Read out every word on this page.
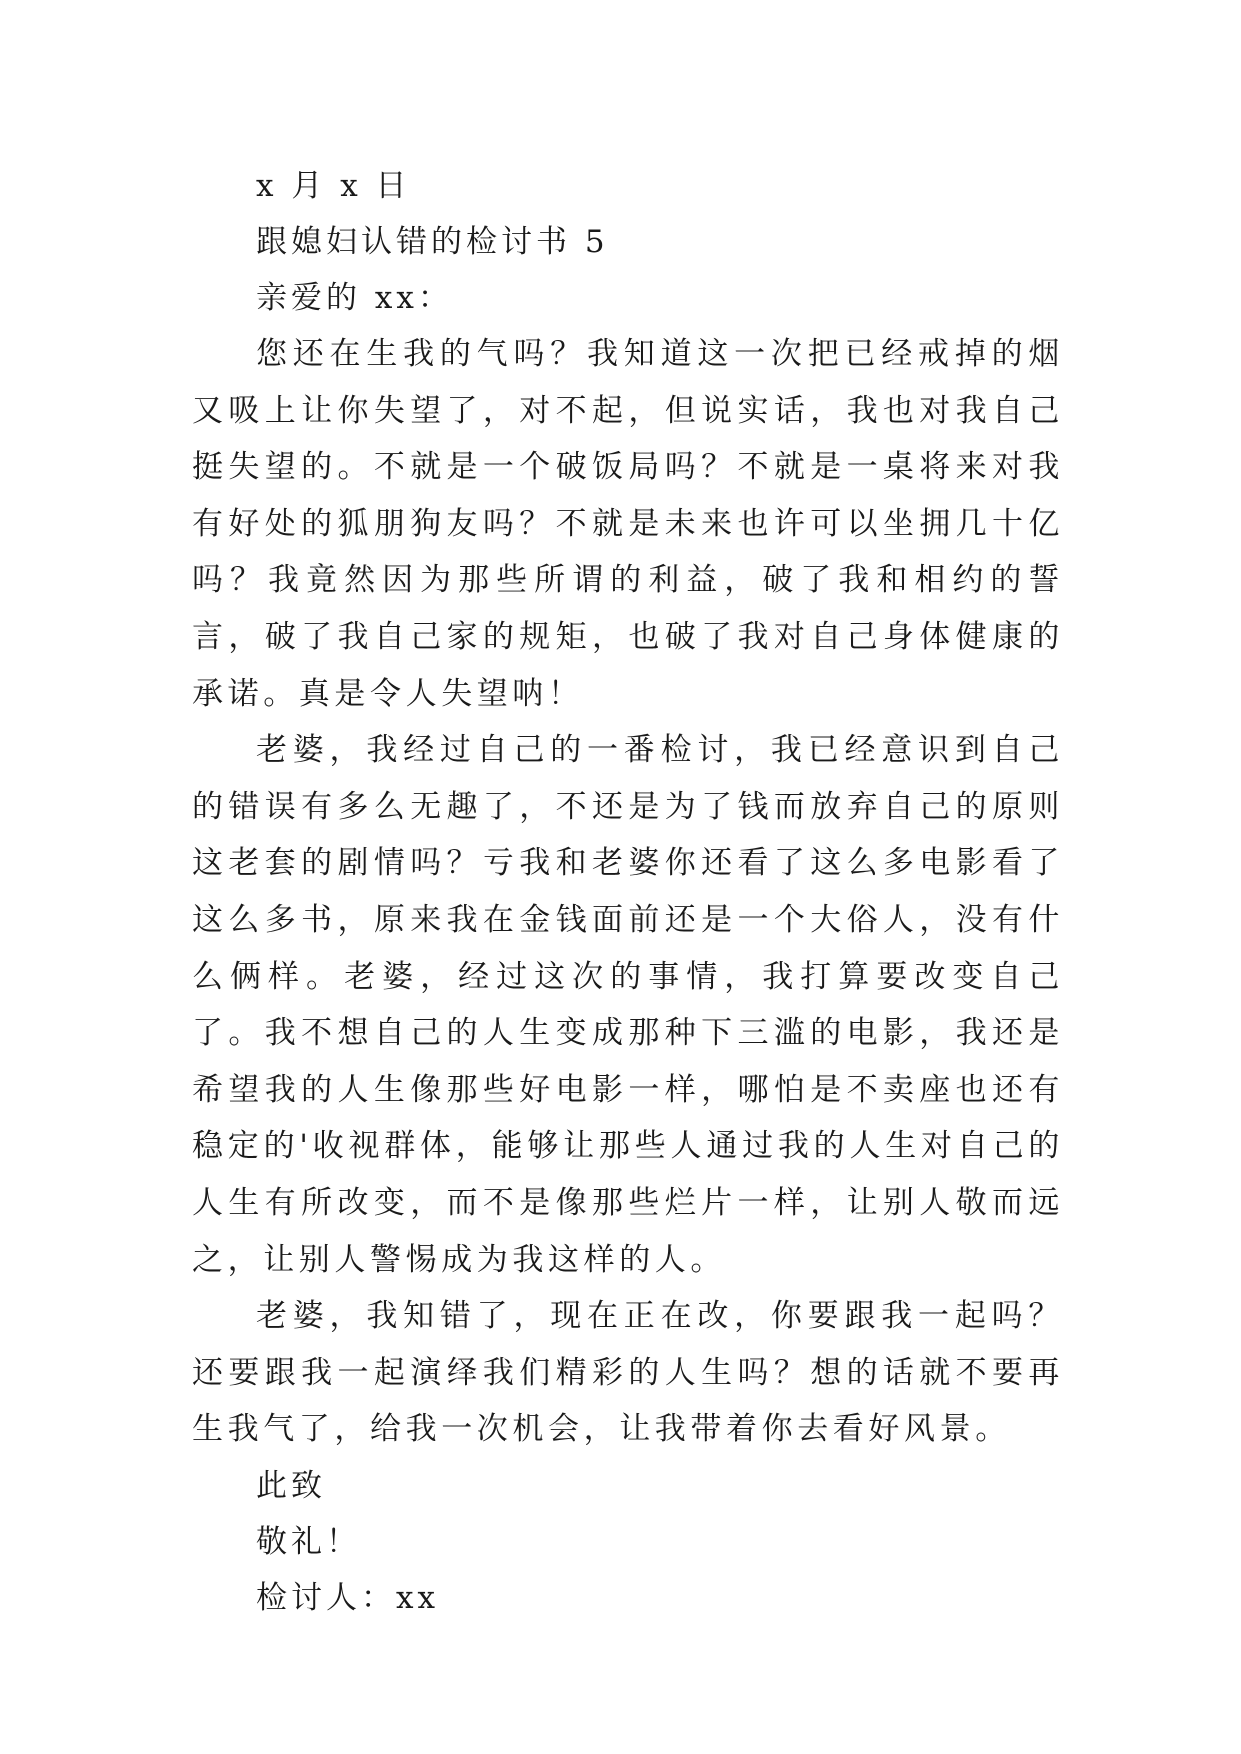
x 月 x 日

跟媳妇认错的检讨书 5

亲爱的 xx：

您还在生我的气吗？我知道这一次把已经戒掉的烟又吸上让你失望了，对不起，但说实话，我也对我自己挺失望的。不就是一个破饭局吗？不就是一桌将来对我有好处的狐朋狗友吗？不就是未来也许可以坐拥几十亿吗？我竟然因为那些所谓的利益，破了我和相约的誓言，破了我自己家的规矩，也破了我对自己身体健康的承诺。真是令人失望呐！

老婆，我经过自己的一番检讨，我已经意识到自己的错误有多么无趣了，不还是为了钱而放弃自己的原则这老套的剧情吗？亏我和老婆你还看了这么多电影看了这么多书，原来我在金钱面前还是一个大俗人，没有什么俩样。老婆，经过这次的事情，我打算要改变自己了。我不想自己的人生变成那种下三滥的电影，我还是希望我的人生像那些好电影一样，哪怕是不卖座也还有稳定的'收视群体，能够让那些人通过我的人生对自己的人生有所改变，而不是像那些烂片一样，让别人敬而远之，让别人警惕成为我这样的人。

老婆，我知错了，现在正在改，你要跟我一起吗？还要跟我一起演绎我们精彩的人生吗？想的话就不要再生我气了，给我一次机会，让我带着你去看好风景。

此致

敬礼！

检讨人：xx
